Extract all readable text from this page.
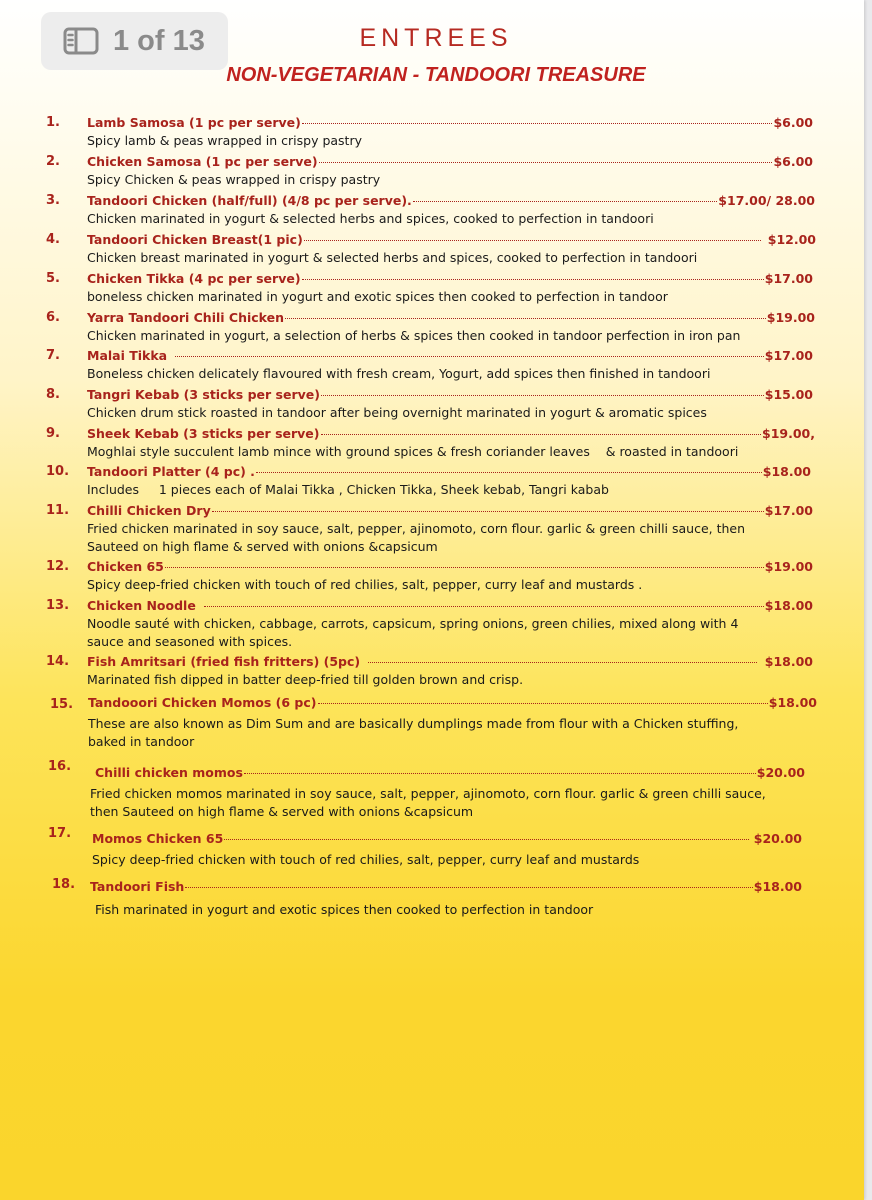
ENTREES
NON-VEGETARIAN - TANDOORI TREASURE
1. Lamb Samosa (1 pc per serve)	$6.00
Spicy lamb & peas wrapped in crispy pastry
2. Chicken Samosa (1 pc per serve)	$6.00
Spicy Chicken & peas wrapped in crispy pastry
3. Tandoori Chicken (half/full) (4/8 pc per serve).	$17.00/ 28.00
Chicken marinated in yogurt & selected herbs and spices, cooked to perfection in tandoori
4. Tandoori Chicken Breast(1 pic)	$12.00
Chicken breast marinated in yogurt & selected herbs and spices, cooked to perfection in tandoori
5. Chicken Tikka (4 pc per serve)	$17.00
boneless chicken marinated in yogurt and exotic spices then cooked to perfection in tandoor
6. Yarra Tandoori Chili Chicken	$19.00
Chicken marinated in yogurt, a selection of herbs & spices then cooked in tandoor perfection in iron pan
7. Malai Tikka	$17.00
Boneless chicken delicately flavoured with fresh cream, Yogurt, add spices then finished in tandoori
8. Tangri Kebab (3 sticks per serve)	$15.00
Chicken drum stick roasted in tandoor after being overnight marinated in yogurt & aromatic spices
9. Sheek Kebab (3 sticks per serve)	$19.00,
Moghlai style succulent lamb mince with ground spices & fresh coriander leaves    & roasted in tandoori
10. Tandoori Platter (4 pc) .	$18.00
Includes     1 pieces each of Malai Tikka , Chicken Tikka, Sheek kebab, Tangri kabab
11. Chilli Chicken Dry	$17.00
Fried chicken marinated in soy sauce, salt, pepper, ajinomoto, corn flour. garlic & green chilli sauce, then Sauteed on high flame & served with onions &capsicum
12. Chicken 65	$19.00
Spicy deep-fried chicken with touch of red chilies, salt, pepper, curry leaf and mustards .
13. Chicken Noodle	$18.00
Noodle sauté with chicken, cabbage, carrots, capsicum, spring onions, green chilies, mixed along with 4 sauce and seasoned with spices.
14. Fish Amritsari (fried fish fritters) (5pc)	$18.00
Marinated fish dipped in batter deep-fried till golden brown and crisp.
15. Tandooori Chicken Momos (6 pc)	$18.00
These are also known as Dim Sum and are basically dumplings made from flour with a Chicken stuffing, baked in tandoor
16. Chilli chicken momos	$20.00
Fried chicken momos marinated in soy sauce, salt, pepper, ajinomoto, corn flour. garlic & green chilli sauce, then Sauteed on high flame & served with onions &capsicum
17. Momos Chicken 65	$20.00
Spicy deep-fried chicken with touch of red chilies, salt, pepper, curry leaf and mustards
18. Tandoori Fish	$18.00
Fish marinated in yogurt and exotic spices then cooked to perfection in tandoor
1 of 13
